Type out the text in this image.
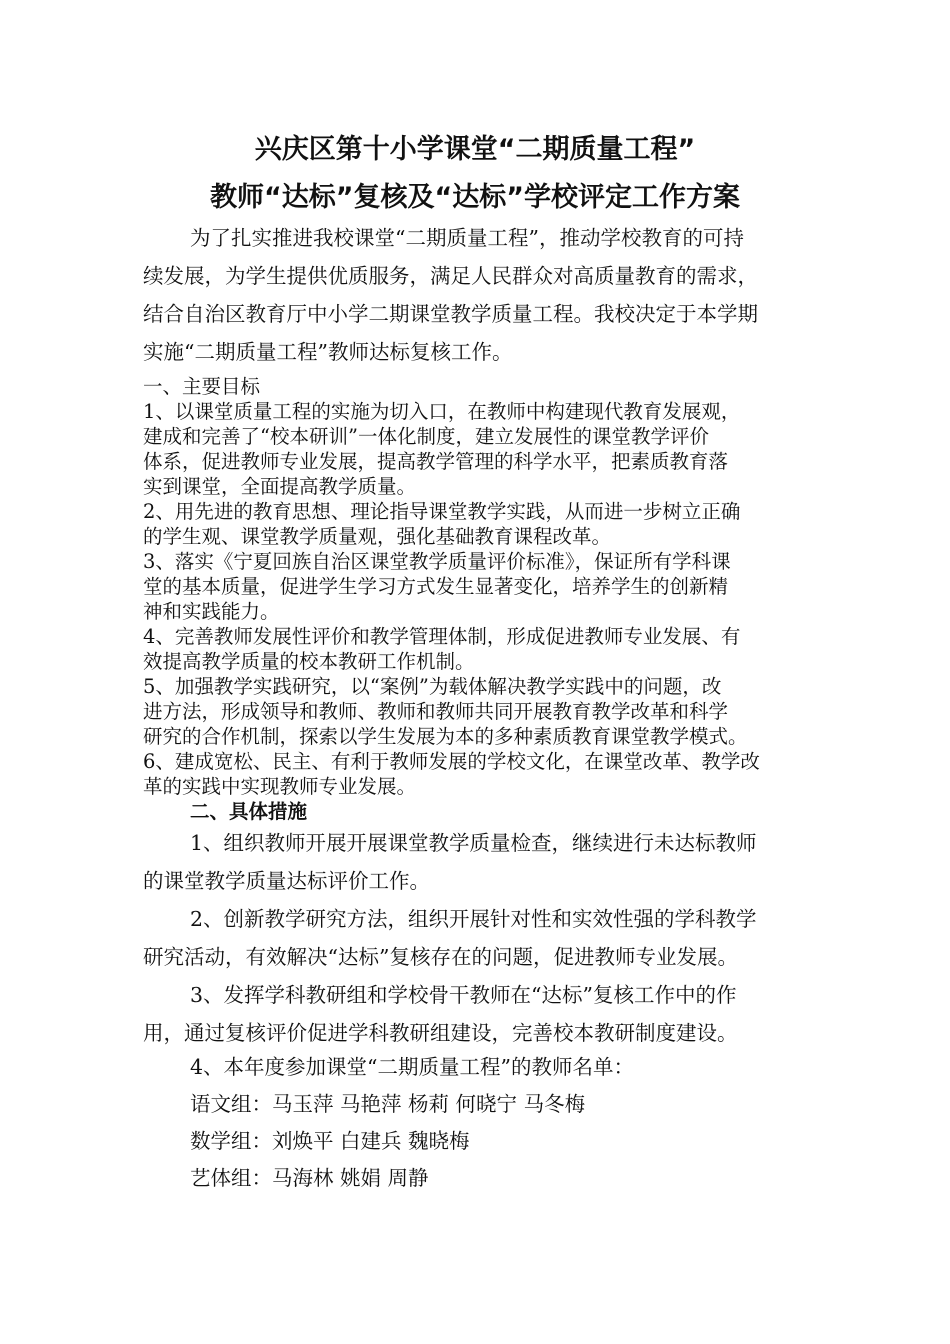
兴庆区第十小学课堂“二期质量工程”
教师“达标”复核及“达标”学校评定工作方案
为了扎实推进我校课堂“二期质量工程”，推动学校教育的可持
续发展，为学生提供优质服务，满足人民群众对高质量教育的需求，
结合自治区教育厅中小学二期课堂教学质量工程。我校决定于本学期
实施“二期质量工程”教师达标复核工作。
一、主要目标
1、以课堂质量工程的实施为切入口，在教师中构建现代教育发展观，
建成和完善了“校本研训”一体化制度，建立发展性的课堂教学评价
体系，促进教师专业发展，提高教学管理的科学水平，把素质教育落
实到课堂，全面提高教学质量。
2、用先进的教育思想、理论指导课堂教学实践，从而进一步树立正确
的学生观、课堂教学质量观，强化基础教育课程改革。
3、落实《宁夏回族自治区课堂教学质量评价标准》，保证所有学科课
堂的基本质量，促进学生学习方式发生显著变化，培养学生的创新精
神和实践能力。
4、完善教师发展性评价和教学管理体制，形成促进教师专业发展、有
效提高教学质量的校本教研工作机制。
5、加强教学实践研究，以“案例”为载体解决教学实践中的问题，改
进方法，形成领导和教师、教师和教师共同开展教育教学改革和科学
研究的合作机制，探索以学生发展为本的多种素质教育课堂教学模式。
6、建成宽松、民主、有利于教师发展的学校文化，在课堂改革、教学改
革的实践中实现教师专业发展。
二、具体措施
1、组织教师开展开展课堂教学质量检查，继续进行未达标教师
的课堂教学质量达标评价工作。
2、创新教学研究方法，组织开展针对性和实效性强的学科教学
研究活动，有效解决“达标”复核存在的问题，促进教师专业发展。
3、发挥学科教研组和学校骨干教师在“达标”复核工作中的作
用，通过复核评价促进学科教研组建设，完善校本教研制度建设。
4、本年度参加课堂“二期质量工程”的教师名单：
语文组：马玉萍 马艳萍 杨莉 何晓宁 马冬梅
数学组：刘焕平 白建兵 魏晓梅
艺体组：马海林 姚娟 周静
